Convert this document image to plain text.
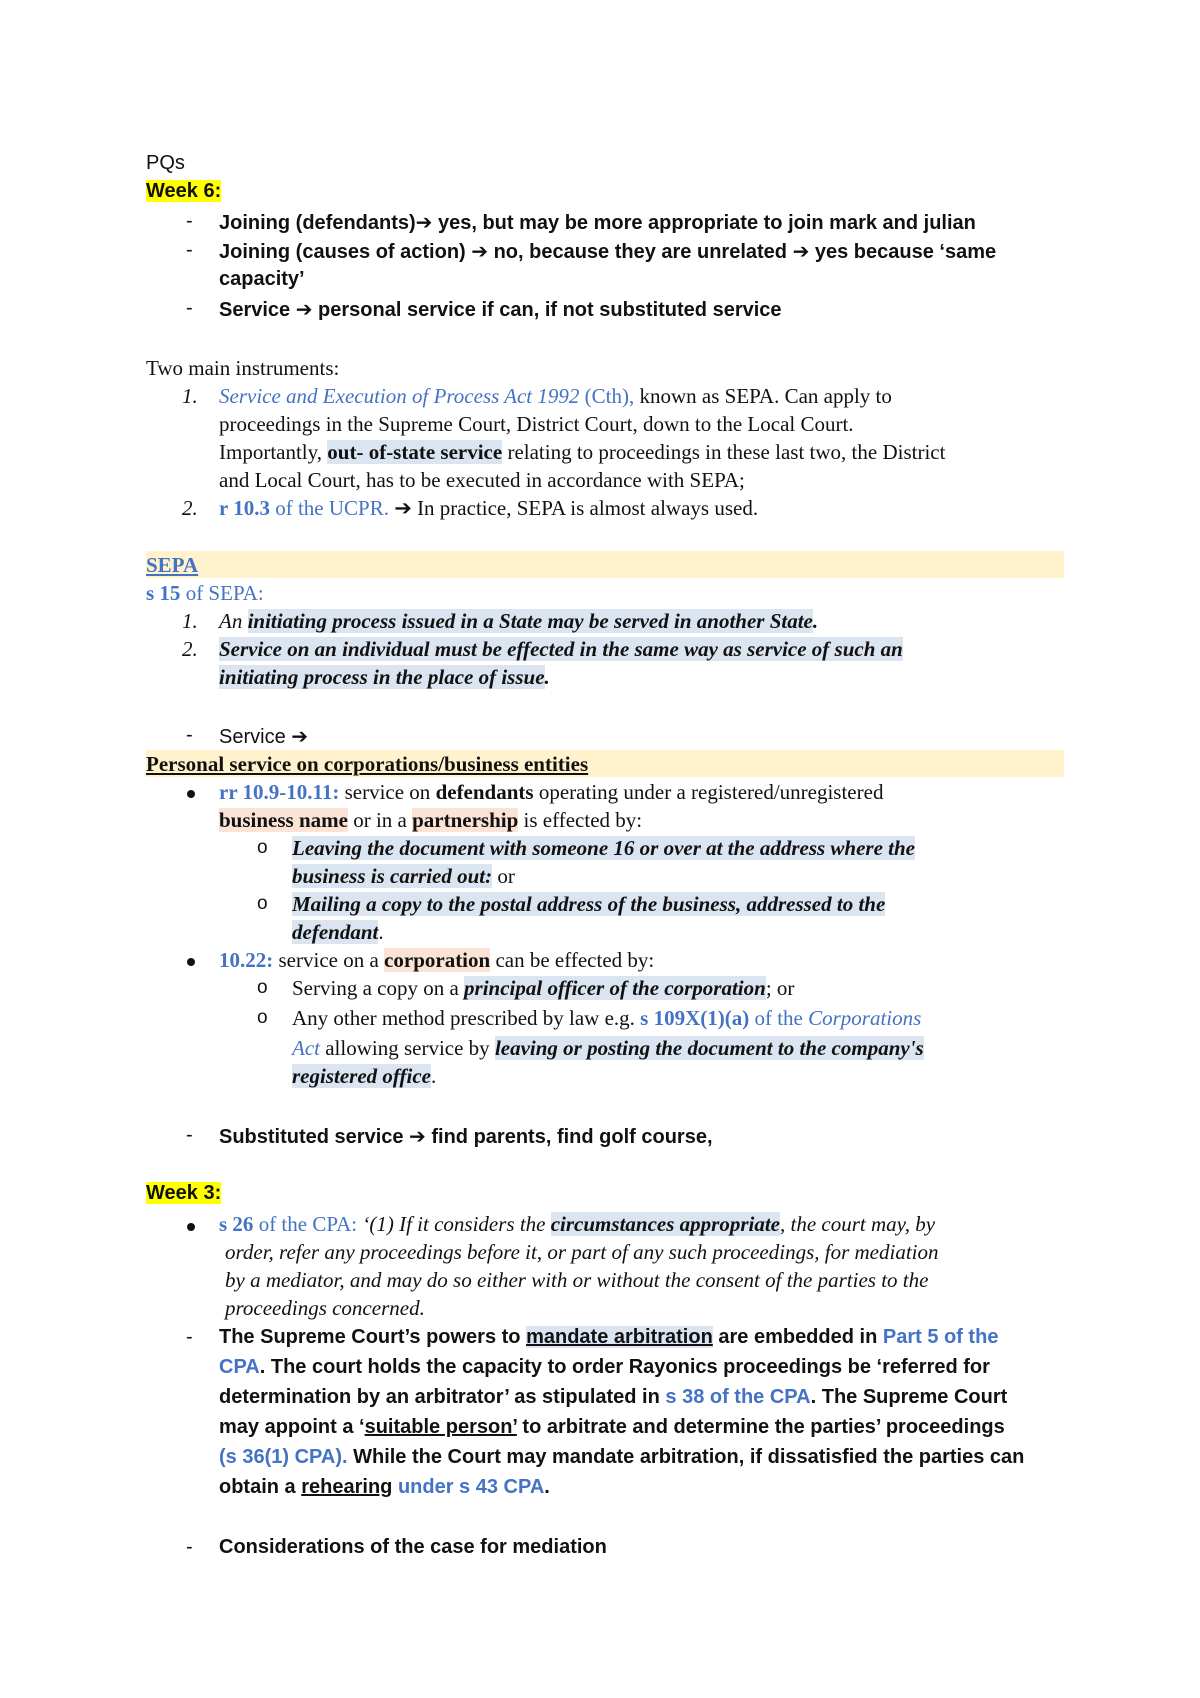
PQs
Week 6:
- Joining (defendants)➔ yes, but may be more appropriate to join mark and julian
- Joining (causes of action) ➔ no, because they are unrelated ➔ yes because ‘same
capacity’
- Service ➔ personal service if can, if not substituted service
Two main instruments:
1. Service and Execution of Process Act 1992 (Cth), known as SEPA. Can apply to
proceedings in the Supreme Court, District Court, down to the Local Court.
Importantly, out- of-state service relating to proceedings in these last two, the District
and Local Court, has to be executed in accordance with SEPA;
2. r 10.3 of the UCPR. ➔ In practice, SEPA is almost always used.
SEPA
s 15 of SEPA:
1. An initiating process issued in a State may be served in another State.
2. Service on an individual must be effected in the same way as service of such an
initiating process in the place of issue.
- Service ➔
Personal service on corporations/business entities
rr 10.9-10.11: service on defendants operating under a registered/unregistered
business name or in a partnership is effected by:
o Leaving the document with someone 16 or over at the address where the
business is carried out: or
o Mailing a copy to the postal address of the business, addressed to the
defendant.
10.22: service on a corporation can be effected by:
o Serving a copy on a principal officer of the corporation; or
o Any other method prescribed by law e.g. s 109X(1)(a) of the Corporations
Act allowing service by leaving or posting the document to the company's
registered office.
- Substituted service ➔ find parents, find golf course,
Week 3:
s 26 of the CPA: ‘(1) If it considers the circumstances appropriate, the court may, by
order, refer any proceedings before it, or part of any such proceedings, for mediation
by a mediator, and may do so either with or without the consent of the parties to the
proceedings concerned.
- The Supreme Court’s powers to mandate arbitration are embedded in Part 5 of the
CPA. The court holds the capacity to order Rayonics proceedings be ‘referred for
determination by an arbitrator’ as stipulated in s 38 of the CPA. The Supreme Court
may appoint a ‘suitable person’ to arbitrate and determine the parties’ proceedings
(s 36(1) CPA). While the Court may mandate arbitration, if dissatisfied the parties can
obtain a rehearing under s 43 CPA.
- Considerations of the case for mediation
